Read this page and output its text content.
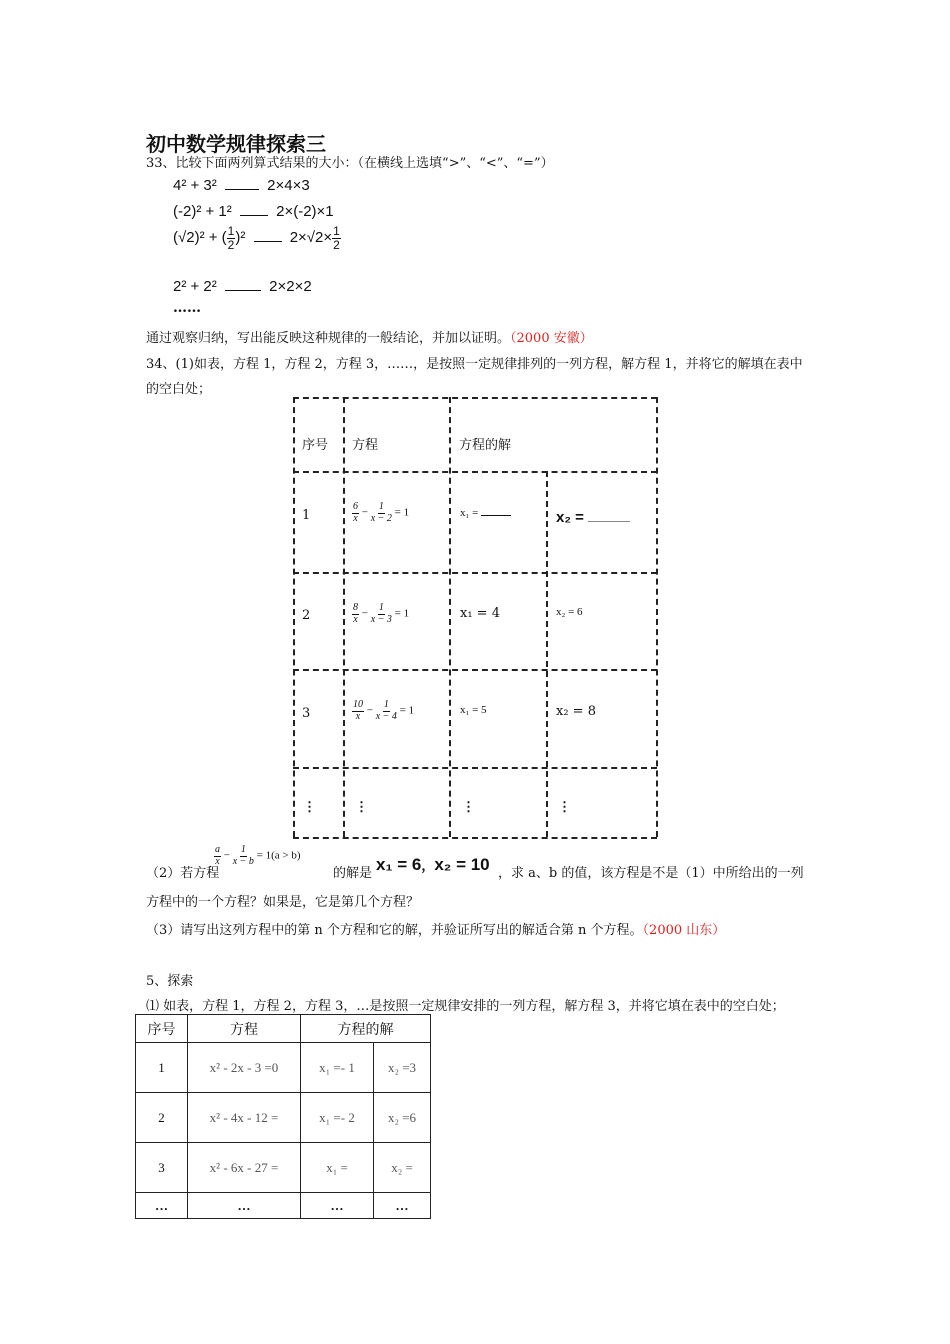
初中数学规律探索三
33、比较下面两列算式结果的大小：（在横线上选填“>”、“<”、“=”）
4² + 3²	2×4×3
(-2)² + 1²	2×(-2)×1
(√2)² + ( $\frac{1}{2} )^2$	$2\times√2\times \frac{1}{2}$
2² + 2²	2×2×2
……
通过观察归纳，写出能反映这种规律的一般结论，并加以证明。（2000 安徽）
34、(1)如表，方程 1，方程 2，方程 3，……，是按照一定规律排列的一列方程，解方程 1，并将它的解填在表中
的空白处；
序号 方程	方程的解
1	$\frac{6}{x} - \frac{1}{x - 2} = 1$	x₁ =	x₂ =
2	$\frac{8}{x} - \frac{1}{x - 3} = 1$	x₁ = 4	x₂ = 6
3	$\frac{10}{x} - \frac{1}{x - 4} = 1$	x₁ = 5	x₂ = 8
⋮	⋮	⋮	⋮
（2）若方程
$\frac{a}{x} - \frac{1}{x - b} = 1(a > b)$
的解是 x₁ = 6，x₂ = 10 ，求 a、b 的值，该方程是不是（1）中所给出的一列
方程中的一个方程？如果是，它是第几个方程？
（3）请写出这列方程中的第 n 个方程和它的解，并验证所写出的解适合第 n 个方程。（2000 山东）
5、探索
⑴ 如表，方程 1，方程 2，方程 3，…是按照一定规律安排的一列方程，解方程 3，并将它填在表中的空白处；
序号	方程	方程的解	
1	x² - 2x - 3 =0	x₁ =- 1	x₂ =3
2	x² - 4x - 12 =	x₁ =- 2	x₂ =6
3	x² - 6x - 27 =	x₁ =	x₂ =
…	…	…	…
